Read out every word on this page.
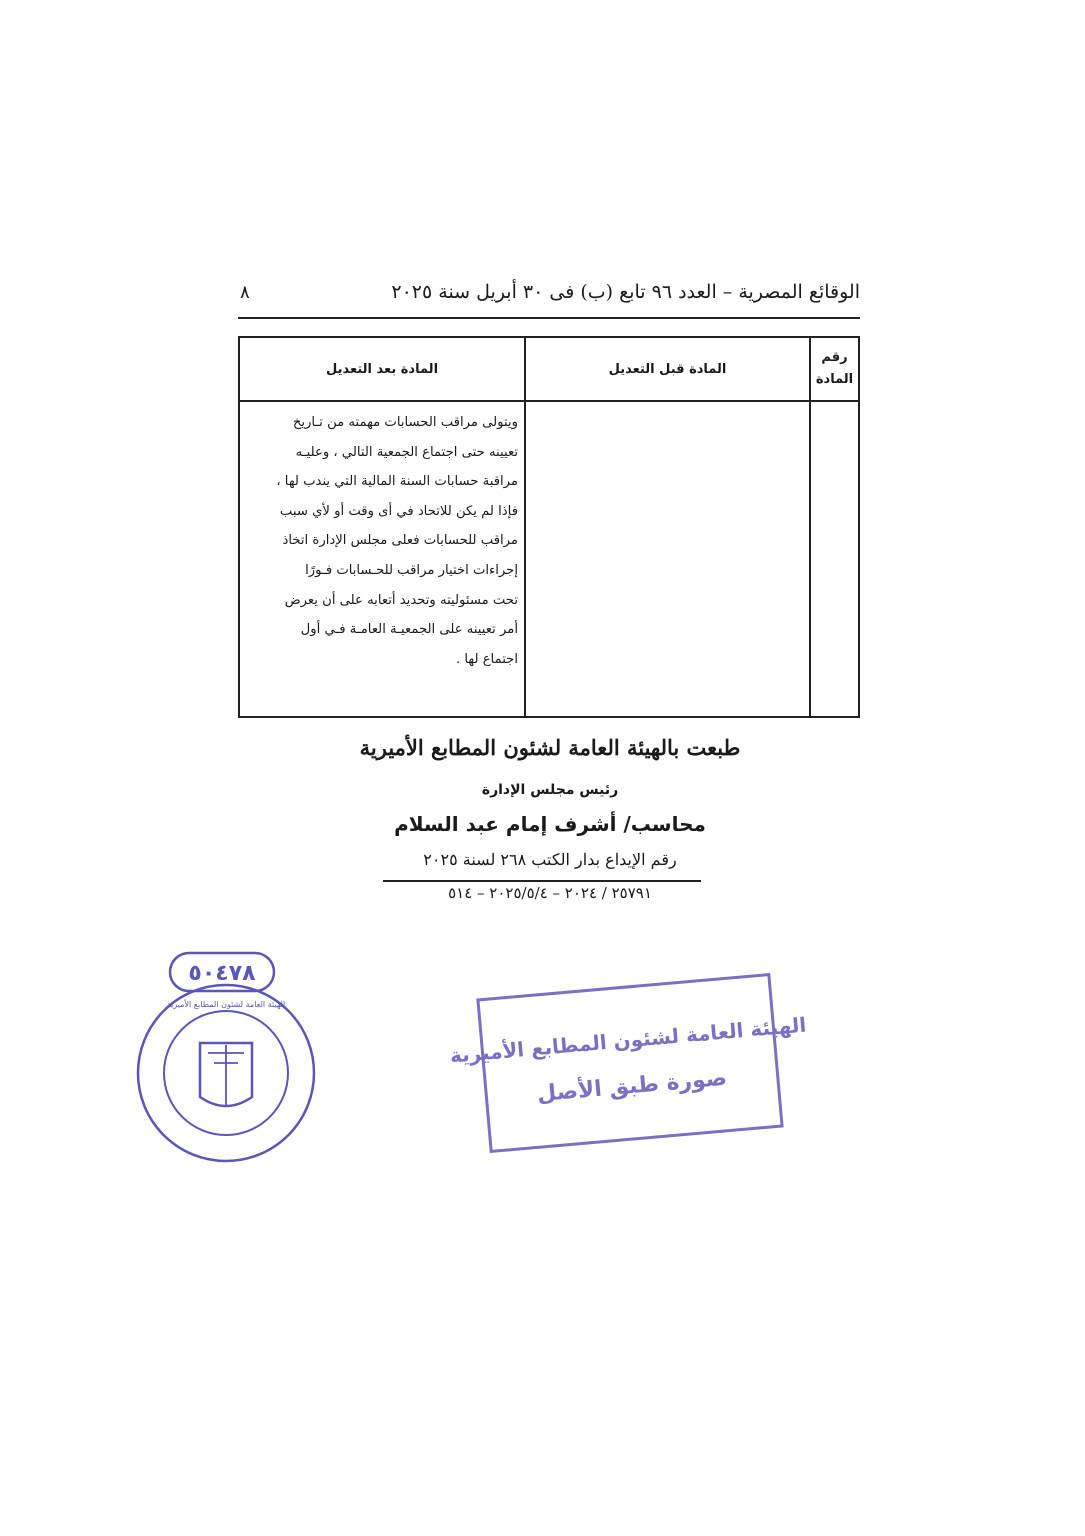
الوقائع المصرية – العدد ٩٦ تابع (ب) فى ٣٠ أبريل سنة ٢٠٢٥
٨
رقم
المادة
المادة قبل التعديل
المادة بعد التعديل
ويتولى مراقب الحسابات مهمته من تـاريخ
تعيينه حتى اجتماع الجمعية التالي ، وعليـه
مراقبة حسابات السنة المالية التي يندب لها ،
فإذا لم يكن للاتحاد في أى وقت أو لأي سبب
مراقب للحسابات فعلى مجلس الإدارة اتخاذ
إجراءات اختيار مراقب للحـسابات فـورًا
تحت مسئوليته وتحديد أتعابه على أن يعرض
أمر تعيينه على الجمعيـة العامـة فـي أول
اجتماع لها .
طبعت بالهيئة العامة لشئون المطابع الأميرية
رئيس مجلس الإدارة
محاسب/ أشرف إمام عبد السلام
رقم الإيداع بدار الكتب ٢٦٨ لسنة ٢٠٢٥
٢٥٧٩١ / ٢٠٢٤ – ٢٠٢٥/٥/٤ – ٥١٤
٥٠٤٧٨
الهيئة العامة لشئون المطابع الأميرية
الهيئة العامة لشئون المطابع الأميرية
صورة طبق الأصل
